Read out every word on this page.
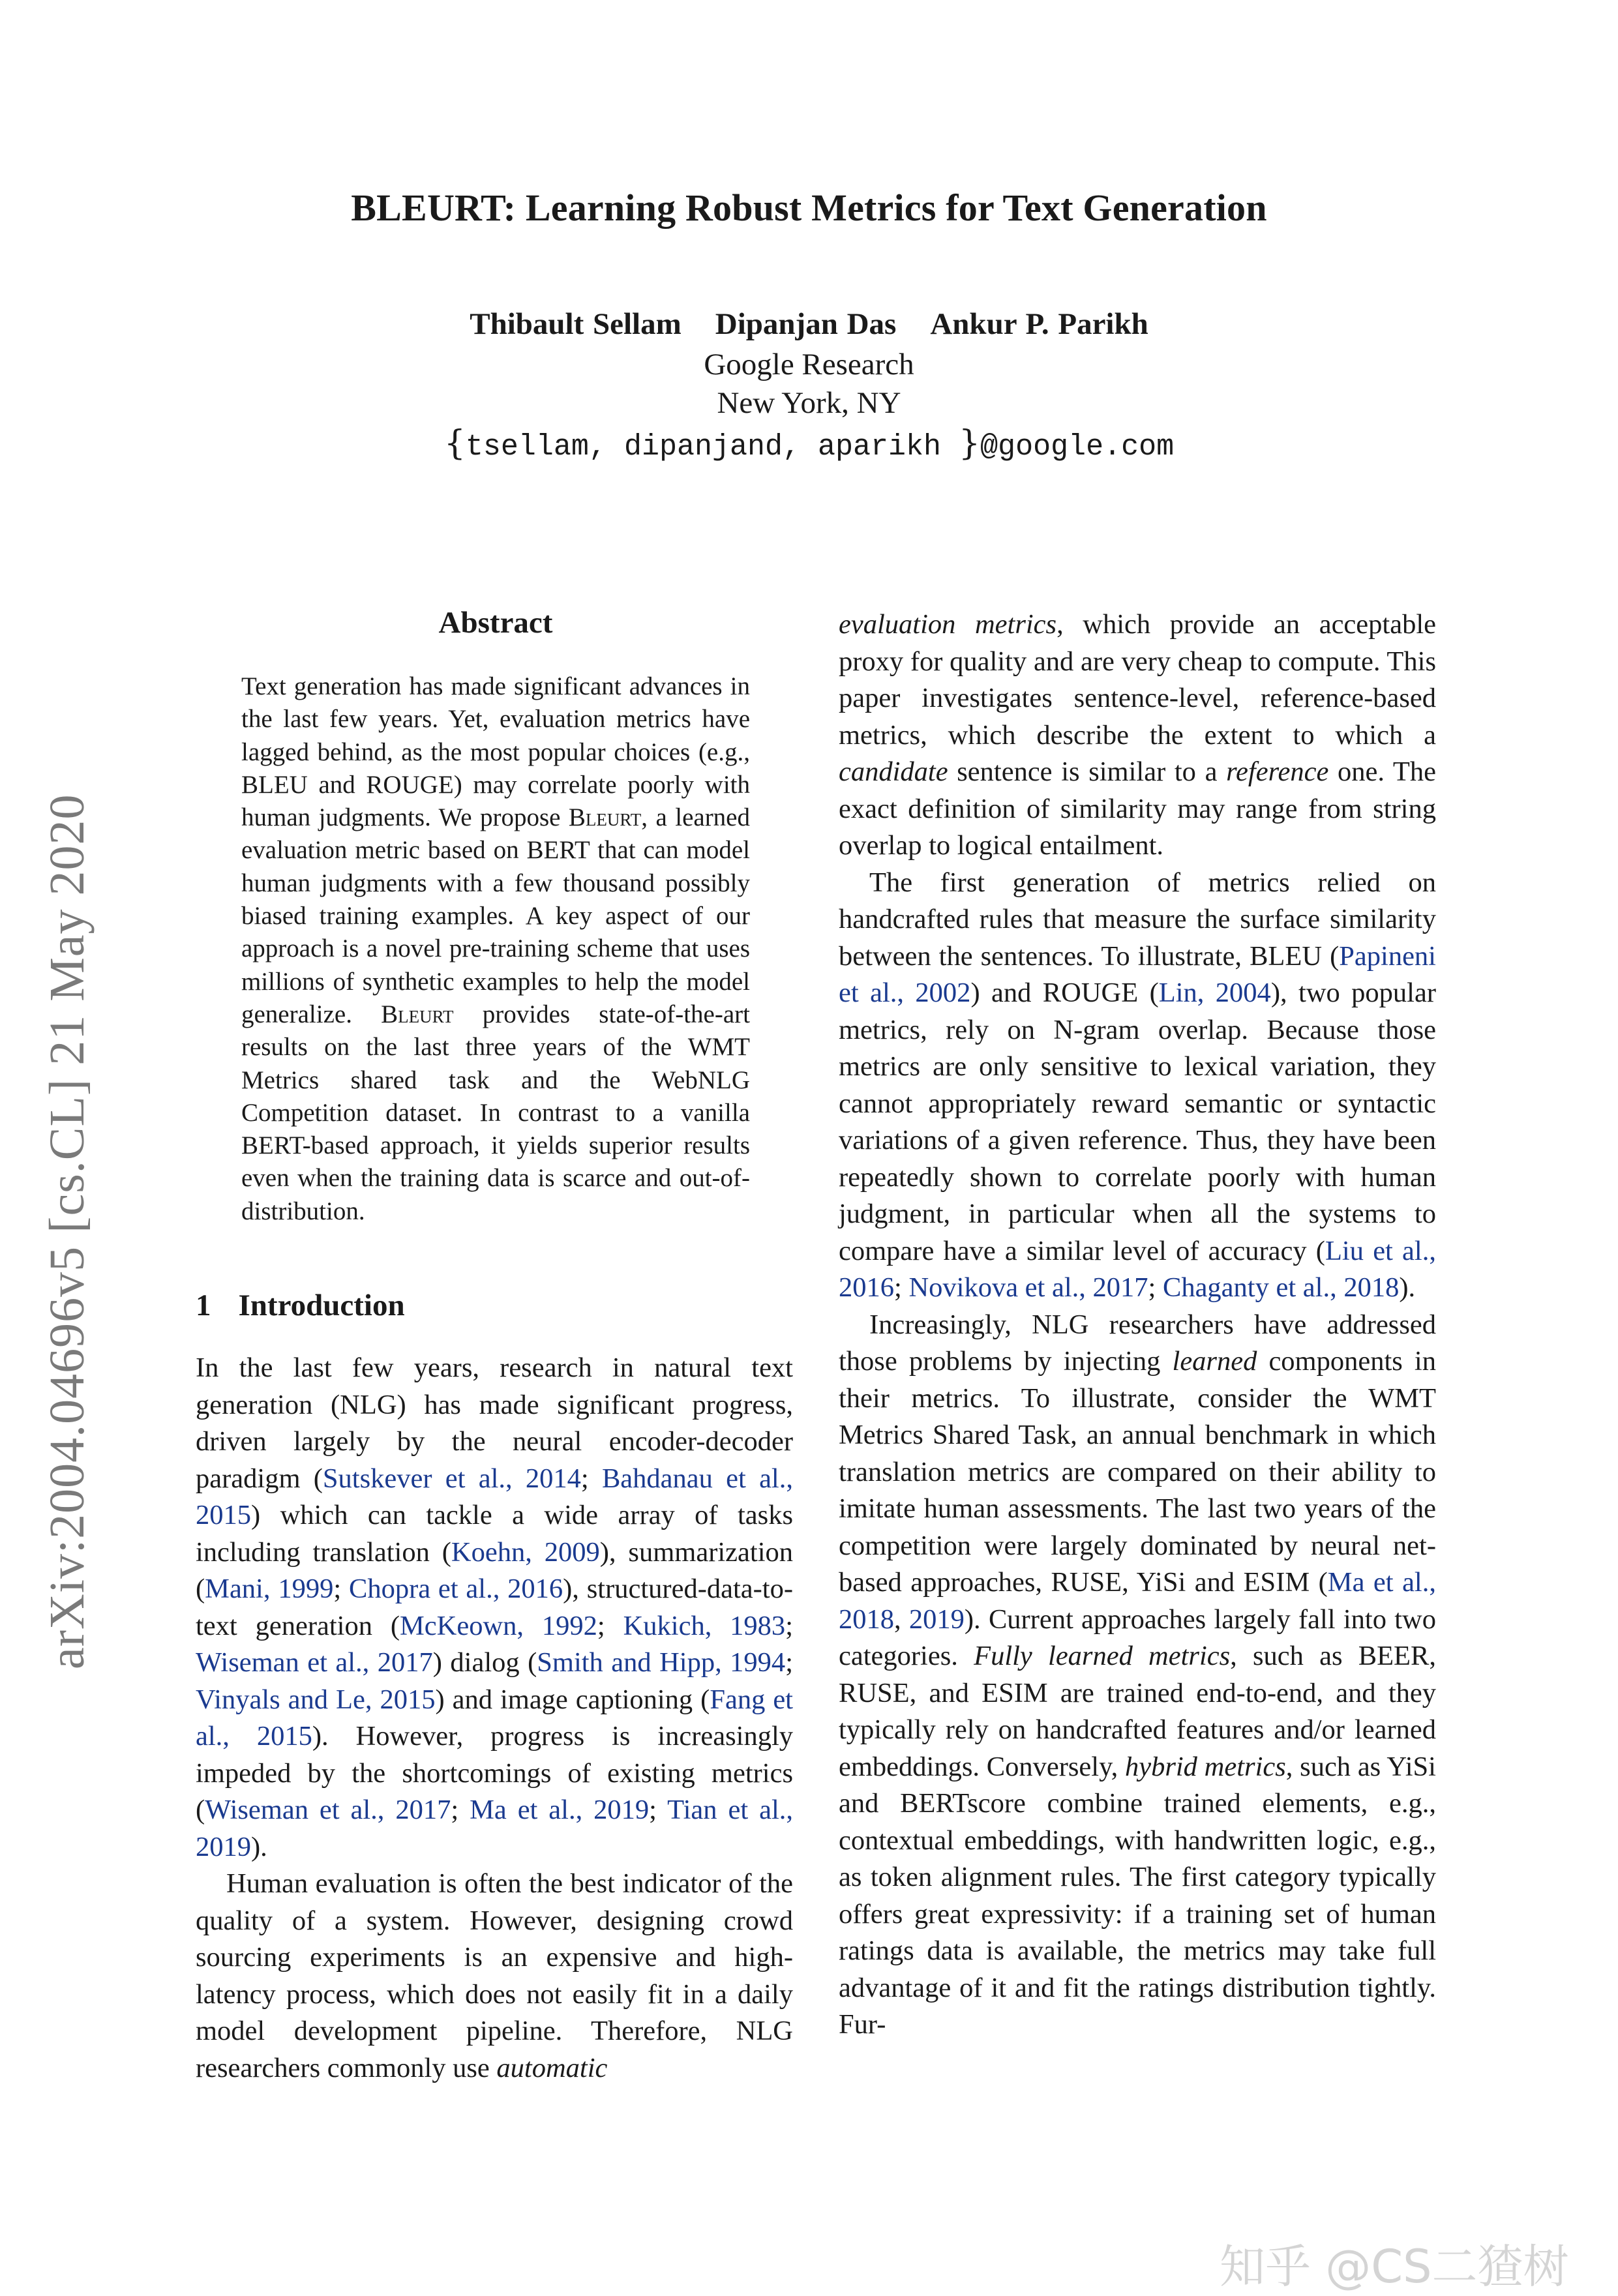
arXiv:2004.04696v5 [cs.CL] 21 May 2020
BLEURT: Learning Robust Metrics for Text Generation
Thibault Sellam Dipanjan Das Ankur P. Parikh
Google Research
New York, NY
{tsellam, dipanjand, aparikh }@google.com
Abstract
Text generation has made significant advances in the last few years. Yet, evaluation metrics have lagged behind, as the most popular choices (e.g., BLEU and ROUGE) may correlate poorly with human judgments. We propose Bleurt, a learned evaluation metric based on BERT that can model human judgments with a few thousand possibly biased training examples. A key aspect of our approach is a novel pre-training scheme that uses millions of synthetic examples to help the model generalize. Bleurt provides state-of-the-art results on the last three years of the WMT Metrics shared task and the WebNLG Competition dataset. In contrast to a vanilla BERT-based approach, it yields superior results even when the training data is scarce and out-of-distribution.
1 Introduction

In the last few years, research in natural text generation (NLG) has made significant progress, driven largely by the neural encoder-decoder paradigm (Sutskever et al., 2014; Bahdanau et al., 2015) which can tackle a wide array of tasks including translation (Koehn, 2009), summarization (Mani, 1999; Chopra et al., 2016), structured-data-to-text generation (McKeown, 1992; Kukich, 1983; Wiseman et al., 2017) dialog (Smith and Hipp, 1994; Vinyals and Le, 2015) and image captioning (Fang et al., 2015). However, progress is increasingly impeded by the shortcomings of existing metrics (Wiseman et al., 2017; Ma et al., 2019; Tian et al., 2019).

Human evaluation is often the best indicator of the quality of a system. However, designing crowd sourcing experiments is an expensive and high-latency process, which does not easily fit in a daily model development pipeline. Therefore, NLG researchers commonly use automatic

evaluation metrics, which provide an acceptable proxy for quality and are very cheap to compute. This paper investigates sentence-level, reference-based metrics, which describe the extent to which a candidate sentence is similar to a reference one. The exact definition of similarity may range from string overlap to logical entailment.

The first generation of metrics relied on handcrafted rules that measure the surface similarity between the sentences. To illustrate, BLEU (Papineni et al., 2002) and ROUGE (Lin, 2004), two popular metrics, rely on N-gram overlap. Because those metrics are only sensitive to lexical variation, they cannot appropriately reward semantic or syntactic variations of a given reference. Thus, they have been repeatedly shown to correlate poorly with human judgment, in particular when all the systems to compare have a similar level of accuracy (Liu et al., 2016; Novikova et al., 2017; Chaganty et al., 2018).

Increasingly, NLG researchers have addressed those problems by injecting learned components in their metrics. To illustrate, consider the WMT Metrics Shared Task, an annual benchmark in which translation metrics are compared on their ability to imitate human assessments. The last two years of the competition were largely dominated by neural net-based approaches, RUSE, YiSi and ESIM (Ma et al., 2018, 2019). Current approaches largely fall into two categories. Fully learned metrics, such as BEER, RUSE, and ESIM are trained end-to-end, and they typically rely on handcrafted features and/or learned embeddings. Conversely, hybrid metrics, such as YiSi and BERTscore combine trained elements, e.g., contextual embeddings, with handwritten logic, e.g., as token alignment rules. The first category typically offers great expressivity: if a training set of human ratings data is available, the metrics may take full advantage of it and fit the ratings distribution tightly. Fur-

知乎 @CS二猹树
